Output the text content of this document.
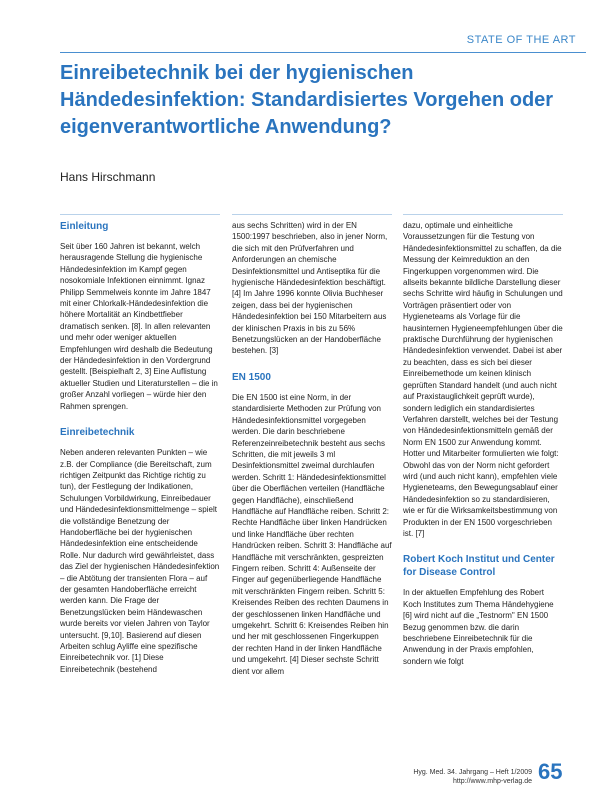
STATE OF THE ART
Einreibetechnik bei der hygienischen Händedesinfektion: Standardisiertes Vorgehen oder eigenverantwortliche Anwendung?
Hans Hirschmann
Einleitung

Seit über 160 Jahren ist bekannt, welch herausragende Stellung die hygienische Händedesinfektion im Kampf gegen nosokomiale Infektionen einnimmt. Ignaz Philipp Semmelweis konnte im Jahre 1847 mit einer Chlorkalk-Händedesinfektion die höhere Mortalität an Kindbettfieber dramatisch senken. [8]. In allen relevanten und mehr oder weniger aktuellen Empfehlungen wird deshalb die Bedeutung der Händedesinfektion in den Vordergrund gestellt. [Beispielhaft 2, 3] Eine Auflistung aktueller Studien und Literaturstellen – die in großer Anzahl vorliegen – würde hier den Rahmen sprengen.

Einreibetechnik

Neben anderen relevanten Punkten – wie z.B. der Compliance (die Bereitschaft, zum richtigen Zeitpunkt das Richtige richtig zu tun), der Festlegung der Indikationen, Schulungen Vorbildwirkung, Einreibedauer und Händedesinfektionsmittelmenge – spielt die vollständige Benetzung der Handoberfläche bei der hygienischen Händedesinfektion eine entscheidende Rolle. Nur dadurch wird gewährleistet, dass das Ziel der hygienischen Händedesinfektion – die Abtötung der transienten Flora – auf der gesamten Handoberfläche erreicht werden kann. Die Frage der Benetzungslücken beim Händewaschen wurde bereits vor vielen Jahren von Taylor untersucht. [9,10]. Basierend auf diesen Arbeiten schlug Ayliffe eine spezifische Einreibetechnik vor. [1] Diese Einreibetechnik (bestehend

aus sechs Schritten) wird in der EN 1500:1997 beschrieben, also in jener Norm, die sich mit den Prüfverfahren und Anforderungen an chemische Desinfektionsmittel und Antiseptika für die hygienische Händedesinfektion beschäftigt. [4] Im Jahre 1996 konnte Olivia Buchheser zeigen, dass bei der hygienischen Händedesinfektion bei 150 Mitarbeitern aus der klinischen Praxis in bis zu 56% Benetzungslücken an der Handoberfläche bestehen. [3]

EN 1500

Die EN 1500 ist eine Norm, in der standardisierte Methoden zur Prüfung von Händedesinfektionsmittel vorgegeben werden. Die darin beschriebene Referenzeinreibetechnik besteht aus sechs Schritten, die mit jeweils 3 ml Desinfektionsmittel zweimal durchlaufen werden. Schritt 1: Händedesinfektionsmittel über die Oberflächen verteilen (Handfläche gegen Handfläche), einschließend Handfläche auf Handfläche reiben. Schritt 2: Rechte Handfläche über linken Handrücken und linke Handfläche über rechten Handrücken reiben. Schritt 3: Handfläche auf Handfläche mit verschränkten, gespreizten Fingern reiben. Schritt 4: Außenseite der Finger auf gegenüberliegende Handfläche mit verschränkten Fingern reiben. Schritt 5: Kreisendes Reiben des rechten Daumens in der geschlossenen linken Handfläche und umgekehrt. Schritt 6: Kreisendes Reiben hin und her mit geschlossenen Fingerkuppen der rechten Hand in der linken Handfläche und umgekehrt. [4] Dieser sechste Schritt dient vor allem

dazu, optimale und einheitliche Voraussetzungen für die Testung von Händedesinfektionsmittel zu schaffen, da die Messung der Keimreduktion an den Fingerkuppen vorgenommen wird. Die allseits bekannte bildliche Darstellung dieser sechs Schritte wird häufig in Schulungen und Vorträgen präsentiert oder von Hygieneteams als Vorlage für die hausinternen Hygieneempfehlungen über die praktische Durchführung der hygienischen Händedesinfektion verwendet. Dabei ist aber zu beachten, dass es sich bei dieser Einreibemethode um keinen klinisch geprüften Standard handelt (und auch nicht auf Praxistauglichkeit geprüft wurde), sondern lediglich ein standardisiertes Verfahren darstellt, welches bei der Testung von Händedesinfektionsmitteln gemäß der Norm EN 1500 zur Anwendung kommt. Hotter und Mitarbeiter formulierten wie folgt: Obwohl das von der Norm nicht gefordert wird (und auch nicht kann), empfehlen viele Hygieneteams, den Bewegungsablauf einer Händedesinfektion so zu standardisieren, wie er für die Wirksamkeitsbestimmung von Produkten in der EN 1500 vorgeschrieben ist. [7]

Robert Koch Institut und Center for Disease Control

In der aktuellen Empfehlung des Robert Koch Institutes zum Thema Händehygiene [6] wird nicht auf die „Testnorm" EN 1500 Bezug genommen bzw. die darin beschriebene Einreibetechnik für die Anwendung in der Praxis empfohlen, sondern wie folgt

Hyg. Med. 34. Jahrgang – Heft 1/2009
http://www.mhp-verlag.de 65
